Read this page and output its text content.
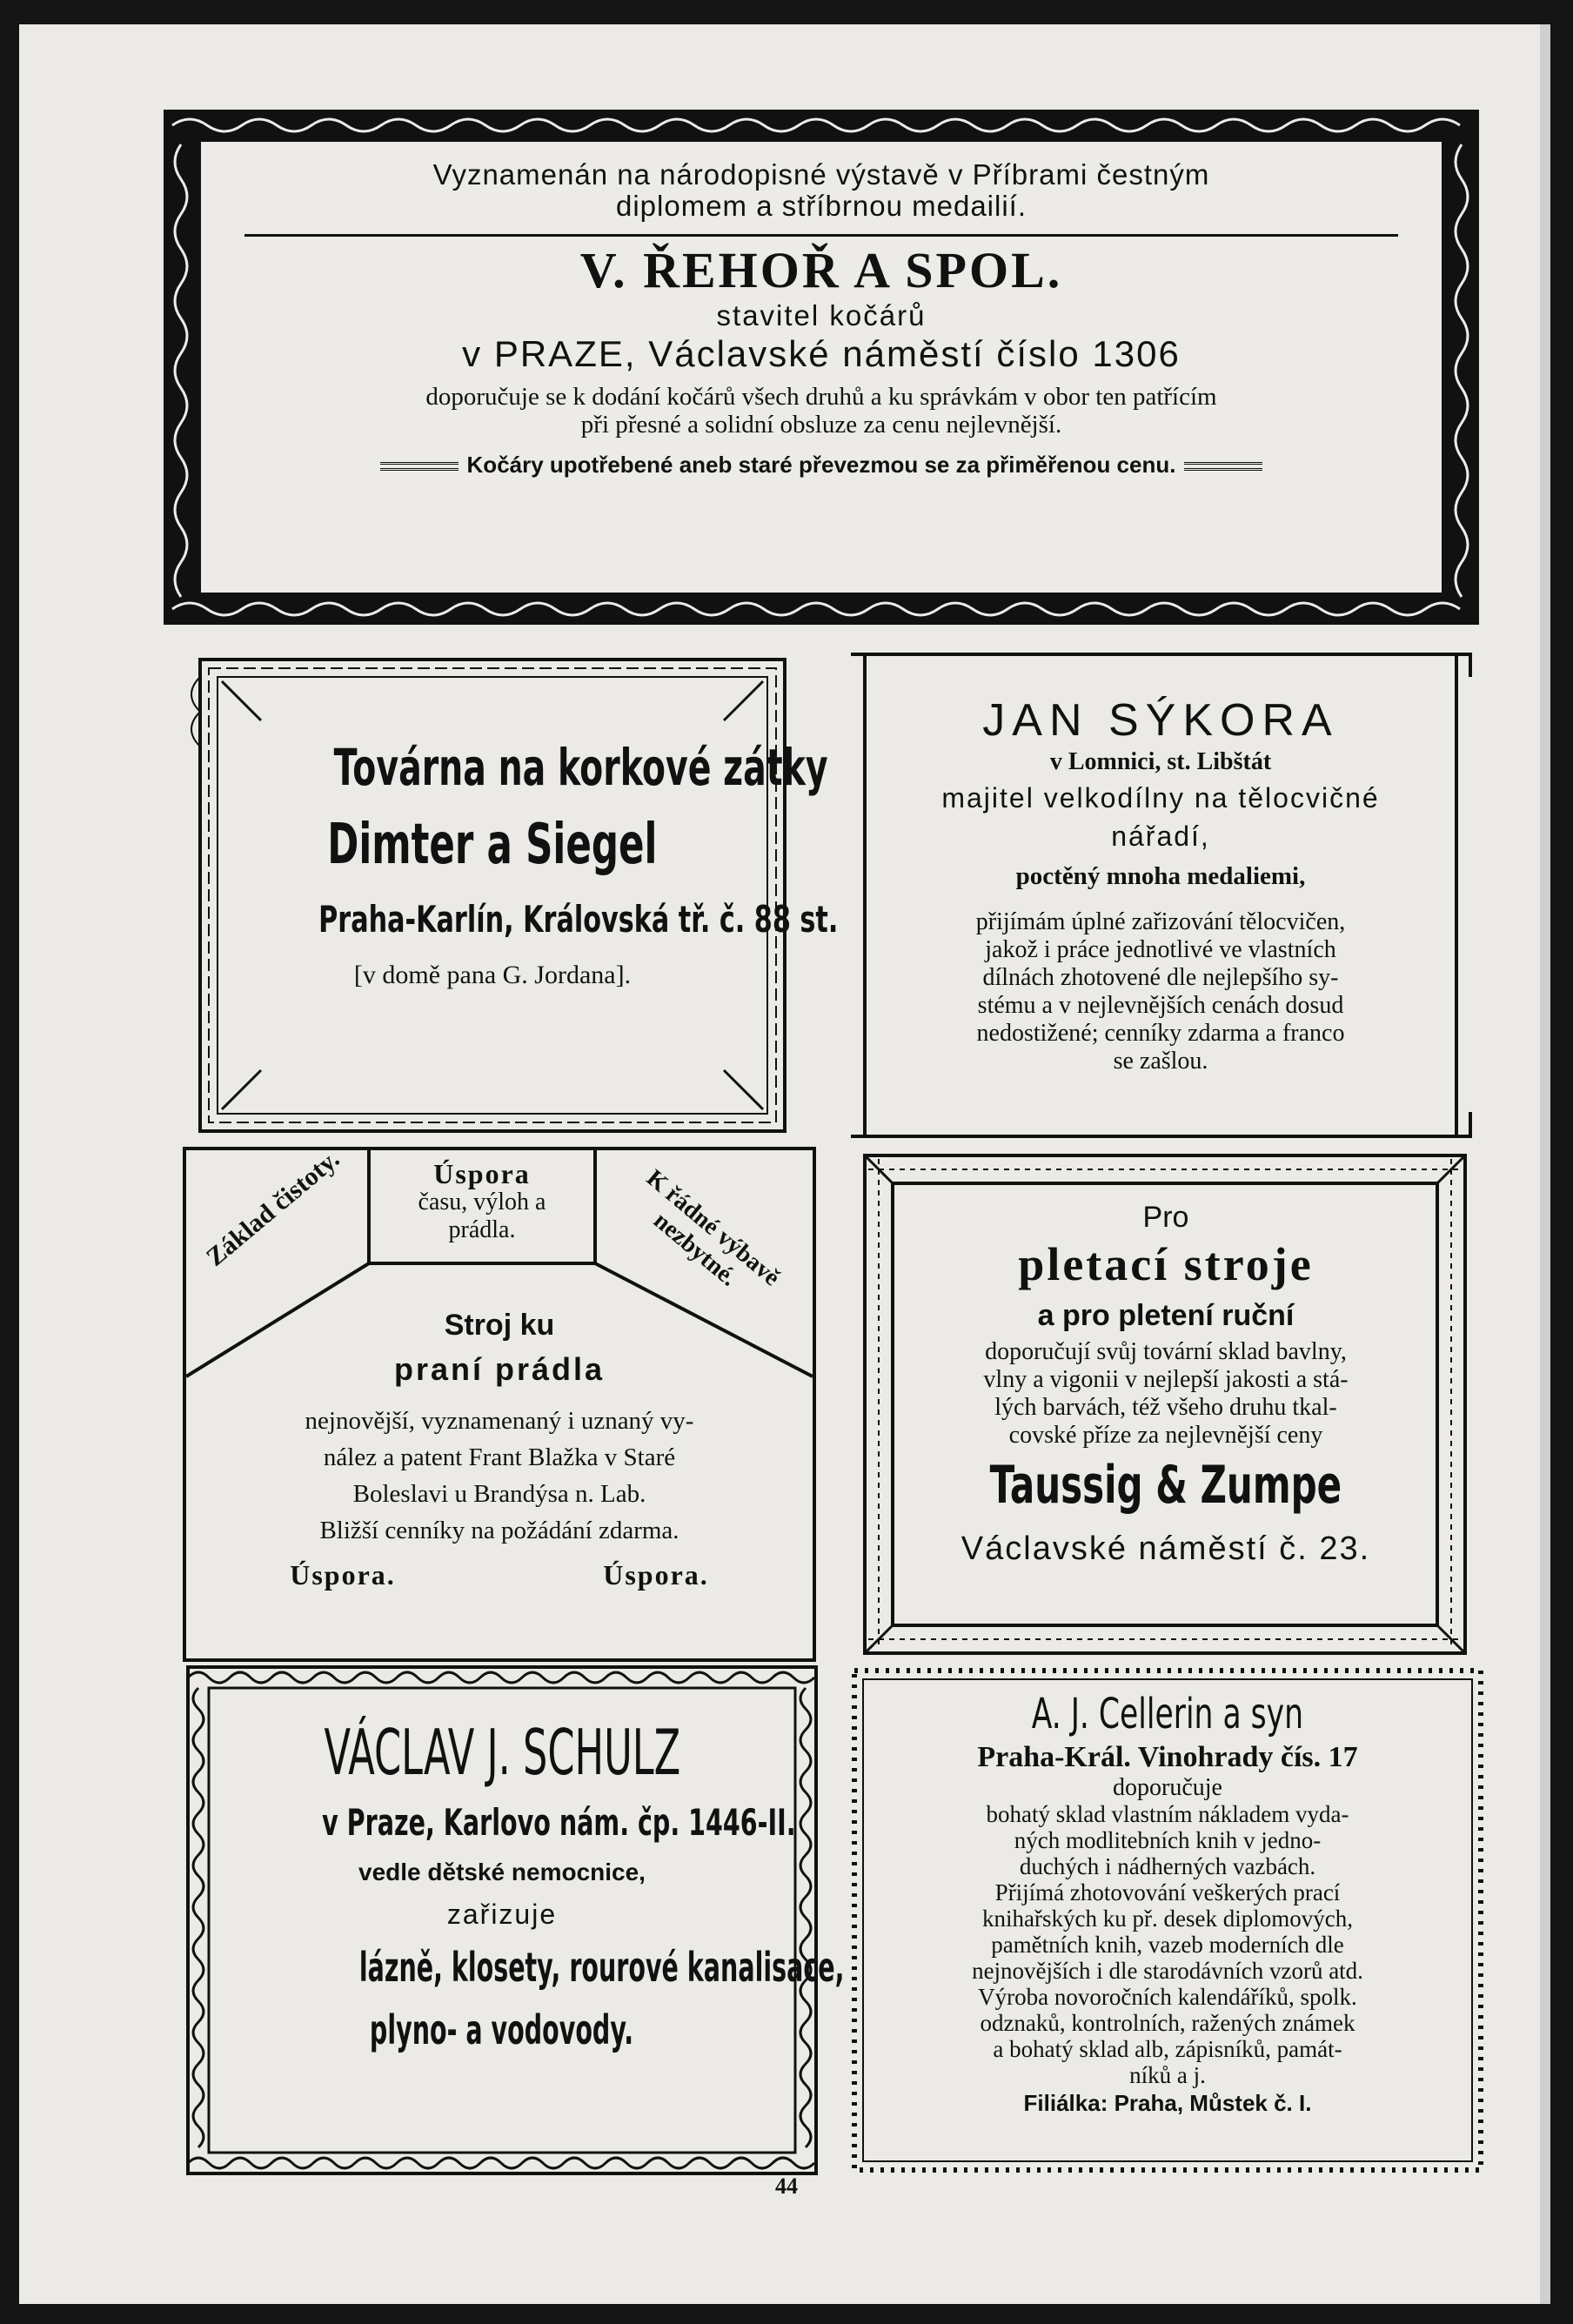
Vyznamenán na národopisné výstavě v Příbrami čestným
diplomem a stříbrnou medailií.
V. ŘEHOŘ A SPOL.
stavitel kočárů
v PRAZE, Václavské náměstí číslo 1306
doporučuje se k dodání kočárů všech druhů a ku správkám v obor ten patřícím
při přesné a solidní obsluze za cenu nejlevnější.
Kočáry upotřebené aneb staré převezmou se za přiměřenou cenu.
Továrna na korkové zátky
Dimter a Siegel
Praha-Karlín, Královská tř. č. 88 st.
[v domě pana G. Jordana].
JAN SÝKORA
v Lomnici, st. Libštát
majitel velkodílny na tělocvičné
nářadí,
poctěný mnoha medaliemi,
přijímám úplné zařizování tělocvičen,
jakož i práce jednotlivé ve vlastních
dílnách zhotovené dle nejlepšího sy-
stému a v nejlevnějších cenách dosud
nedostižené; cenníky zdarma a franco
se zašlou.
Základ čistoty.	Úspora
času, výloh a
prádla.	K řádné výbavě nezbytné.
Stroj ku
praní prádla
nejnovější, vyznamenaný i uznaný vy-
nález a patent Frant Blažka v Staré
Boleslavi u Brandýsa n. Lab.
Bližší cenníky na požádání zdarma.
Úspora.	Úspora.
Pro
pletací stroje
a pro pletení ruční
doporučují svůj tovární sklad bavlny,
vlny a vigonii v nejlepší jakosti a stá-
lých barvách, též všeho druhu tkal-
covské příze za nejlevnější ceny
Taussig & Zumpe
Václavské náměstí č. 23.
VÁCLAV J. SCHULZ
v Praze, Karlovo nám. čp. 1446-II.
vedle dětské nemocnice,
zařizuje
lázně, klosety, rourové kanalisace,
plyno- a vodovody.
A. J. Cellerin a syn
Praha-Král. Vinohrady čís. 17
doporučuje
bohatý sklad vlastním nákladem vyda-
ných modlitebních knih v jedno-
duchých i nádherných vazbách.
Přijímá zhotovování veškerých prací
knihařských ku př. desek diplomových,
pamětních knih, vazeb moderních dle
nejnovějších i dle starodávních vzorů atd.
Výroba novoročních kalendáříků, spolk.
odznaků, kontrolních, ražených známek
a bohatý sklad alb, zápisníků, památ-
níků a j.
Filiálka: Praha, Můstek č. I.
44
